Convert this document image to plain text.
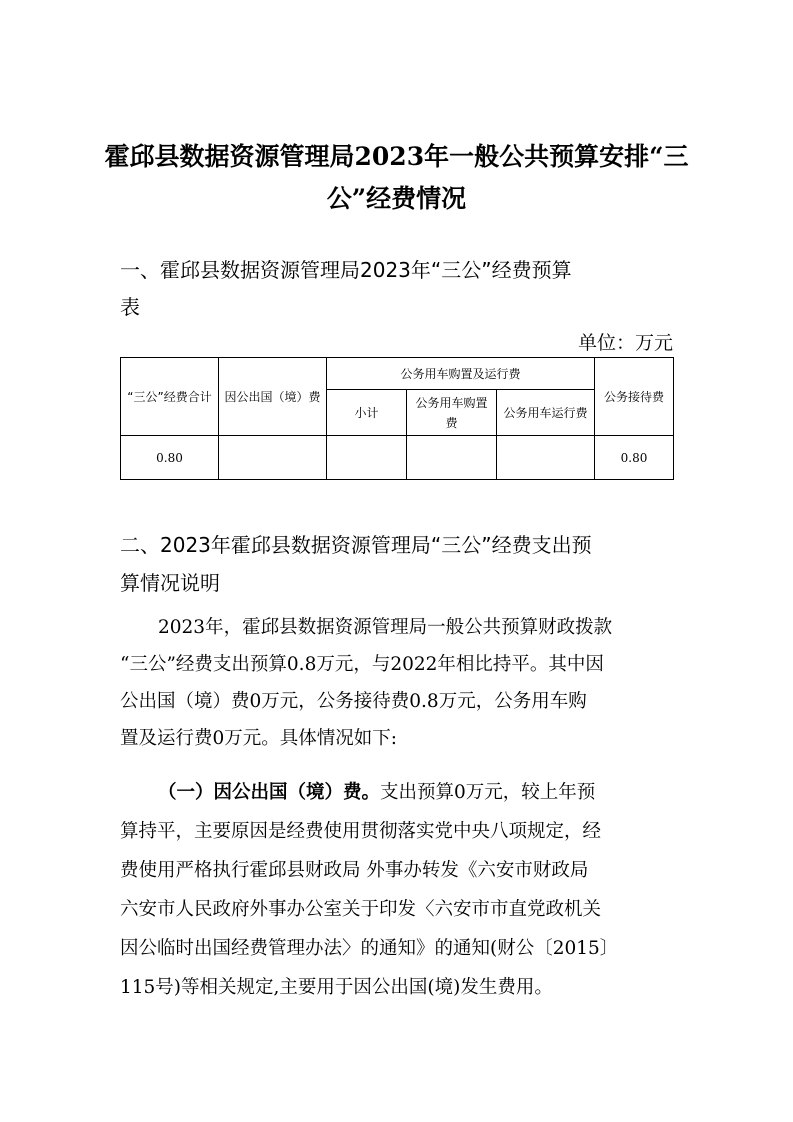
霍邱县数据资源管理局2023年一般公共预算安排“三
公”经费情况
一、霍邱县数据资源管理局2023年“三公”经费预算
表
单位：万元
“三公”经费合计	因公出国（境）费	公务用车购置及运行费			公务接待费
		小计	公务用车购置费	公务用车运行费	
0.80					0.80
二、2023年霍邱县数据资源管理局“三公”经费支出预
算情况说明
2023年，霍邱县数据资源管理局一般公共预算财政拨款
“三公”经费支出预算0.8万元，与2022年相比持平。其中因
公出国（境）费0万元，公务接待费0.8万元，公务用车购
置及运行费0万元。具体情况如下:
（一）因公出国（境）费。支出预算0万元，较上年预
算持平，主要原因是经费使用贯彻落实党中央八项规定，经
费使用严格执行霍邱县财政局 外事办转发《六安市财政局
六安市人民政府外事办公室关于印发〈六安市市直党政机关
因公临时出国经费管理办法〉的通知》的通知(财公〔2015〕
115号)等相关规定,主要用于因公出国(境)发生费用。
